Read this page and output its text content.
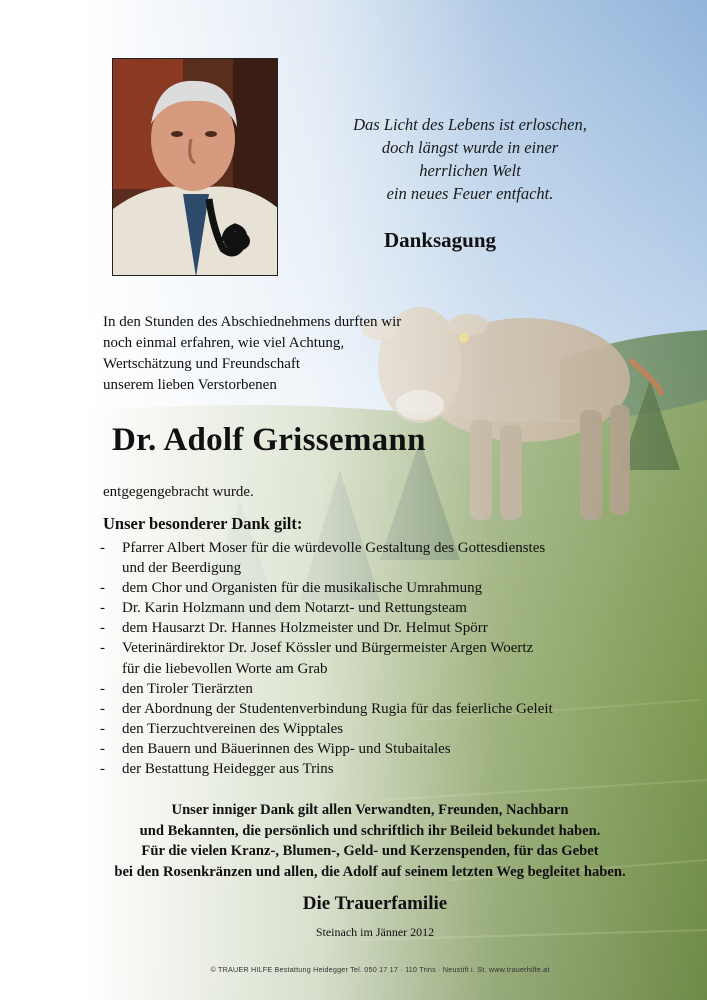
Das Licht des Lebens ist erloschen,
doch längst wurde in einer
herrlichen Welt
ein neues Feuer entfacht.
Danksagung
In den Stunden des Abschiednehmens durften wir
noch einmal erfahren, wie viel Achtung,
Wertschätzung und Freundschaft
unserem lieben Verstorbenen
Dr. Adolf Grissemann
entgegengebracht wurde.
Unser besonderer Dank gilt:
- Pfarrer Albert Moser für die würdevolle Gestaltung des Gottesdienstes
und der Beerdigung
- dem Chor und Organisten für die musikalische Umrahmung
- Dr. Karin Holzmann und dem Notarzt- und Rettungsteam
- dem Hausarzt Dr. Hannes Holzmeister und Dr. Helmut Spörr
- Veterinärdirektor Dr. Josef Kössler und Bürgermeister Argen Woertz
für die liebevollen Worte am Grab
- den Tiroler Tierärzten
- der Abordnung der Studentenverbindung Rugia für das feierliche Geleit
- den Tierzuchtvereinen des Wipptales
- den Bauern und Bäuerinnen des Wipp- und Stubaitales
- der Bestattung Heidegger aus Trins
Unser inniger Dank gilt allen Verwandten, Freunden, Nachbarn
und Bekannten, die persönlich und schriftlich ihr Beileid bekundet haben.
Für die vielen Kranz-, Blumen-, Geld- und Kerzenspenden, für das Gebet
bei den Rosenkränzen und allen, die Adolf auf seinem letzten Weg begleitet haben.
Die Trauerfamilie
Steinach im Jänner 2012
© TRAUER HILFE Bestattung Heidegger Tel. 050 17 17 · 110 Trins · Neustift i. St. www.trauerhilfe.at
